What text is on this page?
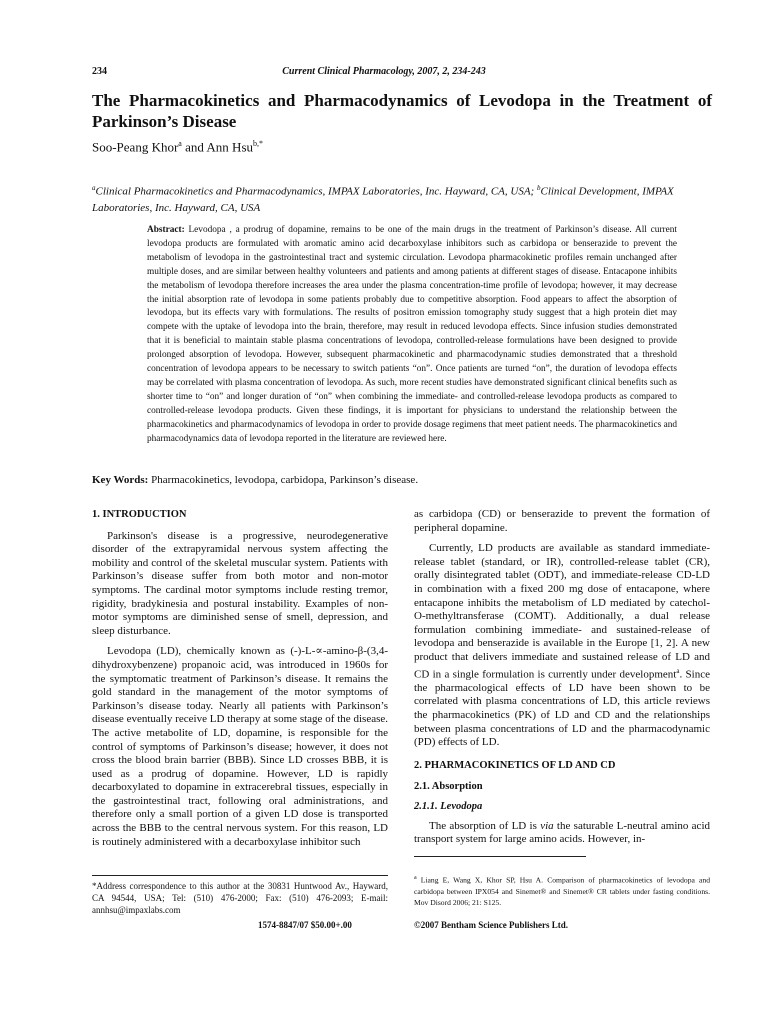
234	Current Clinical Pharmacology, 2007, 2, 234-243
The Pharmacokinetics and Pharmacodynamics of Levodopa in the Treatment of Parkinson’s Disease
Soo-Peang Khor$^a$ and Ann Hsu$^{b,*}$
$^a$Clinical Pharmacokinetics and Pharmacodynamics, IMPAX Laboratories, Inc. Hayward, CA, USA; $^b$Clinical Development, IMPAX Laboratories, Inc. Hayward, CA, USA
Abstract: Levodopa , a prodrug of dopamine, remains to be one of the main drugs in the treatment of Parkinson’s disease. All current levodopa products are formulated with aromatic amino acid decarboxylase inhibitors such as carbidopa or benserazide to prevent the metabolism of levodopa in the gastrointestinal tract and systemic circulation. Levodopa pharmacokinetic profiles remain unchanged after multiple doses, and are similar between healthy volunteers and patients and among patients at different stages of disease. Entacapone inhibits the metabolism of levodopa therefore increases the area under the plasma concentration-time profile of levodopa; however, it may decrease the initial absorption rate of levodopa in some patients probably due to competitive absorption. Food appears to affect the absorption of levodopa, but its effects vary with formulations. The results of positron emission tomography study suggest that a high protein diet may compete with the uptake of levodopa into the brain, therefore, may result in reduced levodopa effects. Since infusion studies demonstrated that it is beneficial to maintain stable plasma concentrations of levodopa, controlled-release formulations have been designed to provide prolonged absorption of levodopa. However, subsequent pharmacokinetic and pharmacodynamic studies demonstrated that a threshold concentration of levodopa appears to be necessary to switch patients “on”. Once patients are turned “on”, the duration of levodopa effects may be correlated with plasma concentration of levodopa. As such, more recent studies have demonstrated significant clinical benefits such as shorter time to “on” and longer duration of “on” when combining the immediate- and controlled-release levodopa products as compared to controlled-release levodopa products. Given these findings, it is important for physicians to understand the relationship between the pharmacokinetics and pharmacodynamics of levodopa in order to provide dosage regimens that meet patient needs. The pharmacokinetics and pharmacodynamics data of levodopa reported in the literature are reviewed here.
Key Words: Pharmacokinetics, levodopa, carbidopa, Parkinson’s disease.
1. INTRODUCTION

Parkinson's disease is a progressive, neurodegenerative disorder of the extrapyramidal nervous system affecting the mobility and control of the skeletal muscular system. Patients with Parkinson’s disease suffer from both motor and non-motor symptoms. The cardinal motor symptoms include resting tremor, rigidity, bradykinesia and postural instability. Examples of non-motor symptoms are diminished sense of smell, depression, and sleep disturbance.

Levodopa (LD), chemically known as (-)-L-∝-amino-β-(3,4-dihydroxybenzene) propanoic acid, was introduced in 1960s for the symptomatic treatment of Parkinson’s disease. It remains the gold standard in the management of the motor symptoms of Parkinson’s disease today. Nearly all patients with Parkinson’s disease eventually receive LD therapy at some stage of the disease. The active metabolite of LD, dopamine, is responsible for the control of symptoms of Parkinson’s disease; however, it does not cross the blood brain barrier (BBB). Since LD crosses BBB, it is used as a prodrug of dopamine. However, LD is rapidly decarboxylated to dopamine in extracerebral tissues, especially in the gastrointestinal tract, following oral administrations, and therefore only a small portion of a given LD dose is transported across the BBB to the central nervous system. For this reason, LD is routinely administered with a decarboxylase inhibitor such

as carbidopa (CD) or benserazide to prevent the formation of peripheral dopamine.

Currently, LD products are available as standard immediate-release tablet (standard, or IR), controlled-release tablet (CR), orally disintegrated tablet (ODT), and immediate-release CD-LD in combination with a fixed 200 mg dose of entacapone, where entacapone inhibits the metabolism of LD mediated by catechol-O-methyltransferase (COMT). Additionally, a dual release formulation combining immediate- and sustained-release of levodopa and benserazide is available in the Europe [1, 2]. A new product that delivers immediate and sustained release of LD and CD in a single formulation is currently under development$^a$. Since the pharmacological effects of LD have been shown to be correlated with plasma concentrations of LD, this article reviews the pharmacokinetics (PK) of LD and CD and the relationships between plasma concentrations of LD and the pharmacodynamic (PD) effects of LD.

2. PHARMACOKINETICS OF LD AND CD
2.1. Absorption
2.1.1. Levodopa

The absorption of LD is via the saturable L-neutral amino acid transport system for large amino acids. However, in-

*Address correspondence to this author at the 30831 Huntwood Av., Hayward, CA 94544, USA; Tel: (510) 476-2000; Fax: (510) 476-2093; E-mail: annhsu@impaxlabs.com
$^a$ Liang E, Wang X, Khor SP, Hsu A. Comparison of pharmacokinetics of levodopa and carbidopa between IPX054 and Sinemet® and Sinemet® CR tablets under fasting conditions. Mov Disord 2006; 21: S125.
1574-8847/07 $50.00+.00	©2007 Bentham Science Publishers Ltd.
